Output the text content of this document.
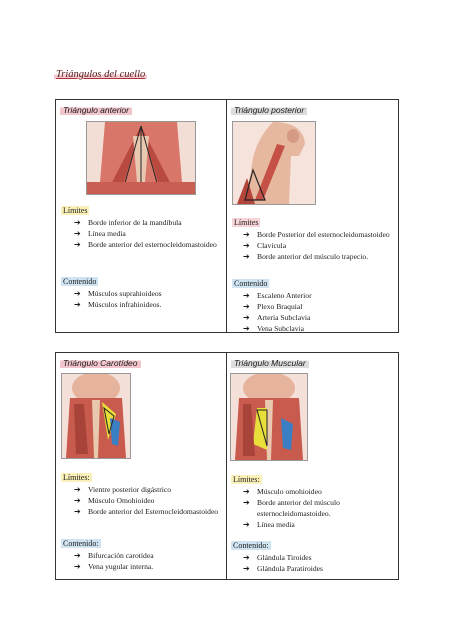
Triángulos del cuello
Triángulo anterior
Límites
➔ Borde inferior de la mandíbula
➔ Línea media
➔ Borde anterior del esternocleidomastoideo
Contenido
➔ Músculos suprahioideos
➔ Músculos infrahioideos.
Triángulo posterior
Límites
➔ Borde Posterior del esternocleidomastoideo
➔ Clavícula
➔ Borde anterior del músculo trapecio.
Contenido
➔ Escaleno Anterior
➔ Plexo Braquial
➔ Arteria Subclavia
➔ Vena Subclavia
Triángulo Carotídeo
Límites:
➔ Vientre posterior digástrico
➔ Músculo Omohioideo
➔ Borde anterior del Esternocleidomastoideo
Contenido:
➔ Bifurcación carotídea
➔ Vena yugular interna.
Triángulo Muscular
Límites:
➔ Músculo omohioideo
➔ Borde anterior del músculo esternocleidomastoideo.
➔ Línea media
Contenido:
➔ Glándula Tiroides
➔ Glándula Paratiroides
